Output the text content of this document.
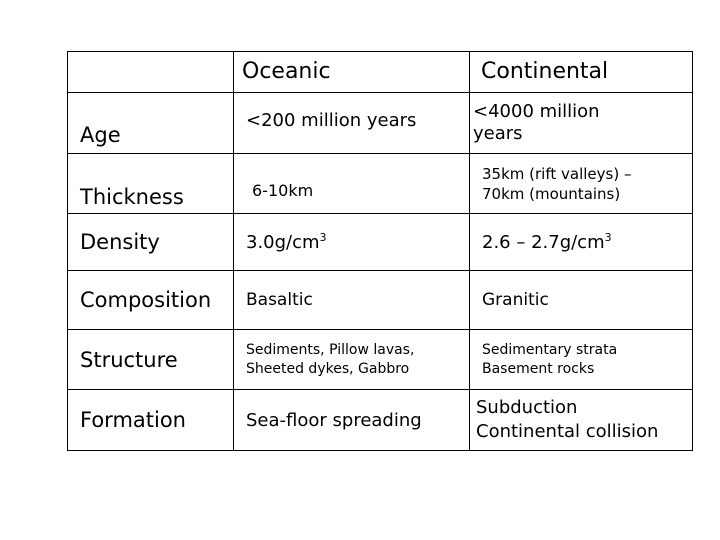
	Oceanic	Continental
Age	<200 million years	<4000 million
years

Thickness	6-10km	35km (rift valleys) –
70km (mountains)

Density	$3.0g/cm^3$	$2.6 - 2.7g/cm^3$
Composition	Basaltic	Granitic
Structure	Sediments, Pillow lavas,
Sheeted dykes, Gabbro	Sedimentary strata
Basement rocks

Formation	Sea-floor spreading	Subduction
Continental collision
